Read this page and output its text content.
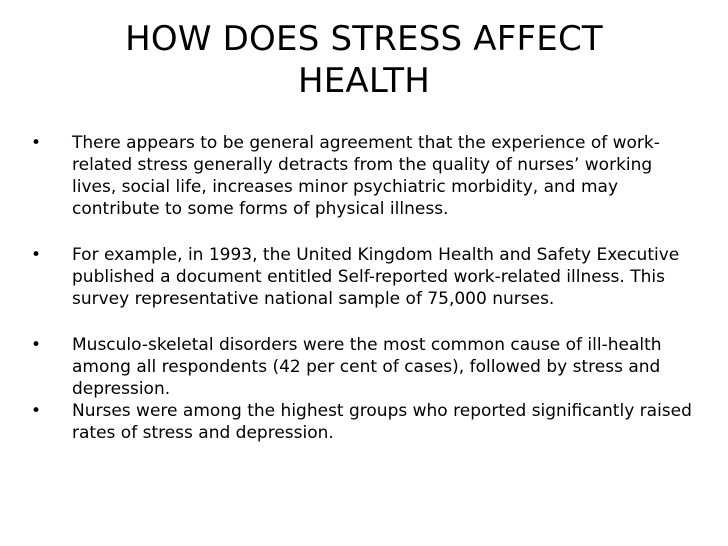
HOW DOES STRESS AFFECT
HEALTH
• There appears to be general agreement that the experience of work-related stress generally detracts from the quality of nurses’ working lives, social life, increases minor psychiatric morbidity, and may contribute to some forms of physical illness.
• For example, in 1993, the United Kingdom Health and Safety Executive published a document entitled Self-reported work-related illness. This survey representative national sample of 75,000 nurses.
• Musculo-skeletal disorders were the most common cause of ill-health among all respondents (42 per cent of cases), followed by stress and depression.
• Nurses were among the highest groups who reported significantly raised rates of stress and depression.
